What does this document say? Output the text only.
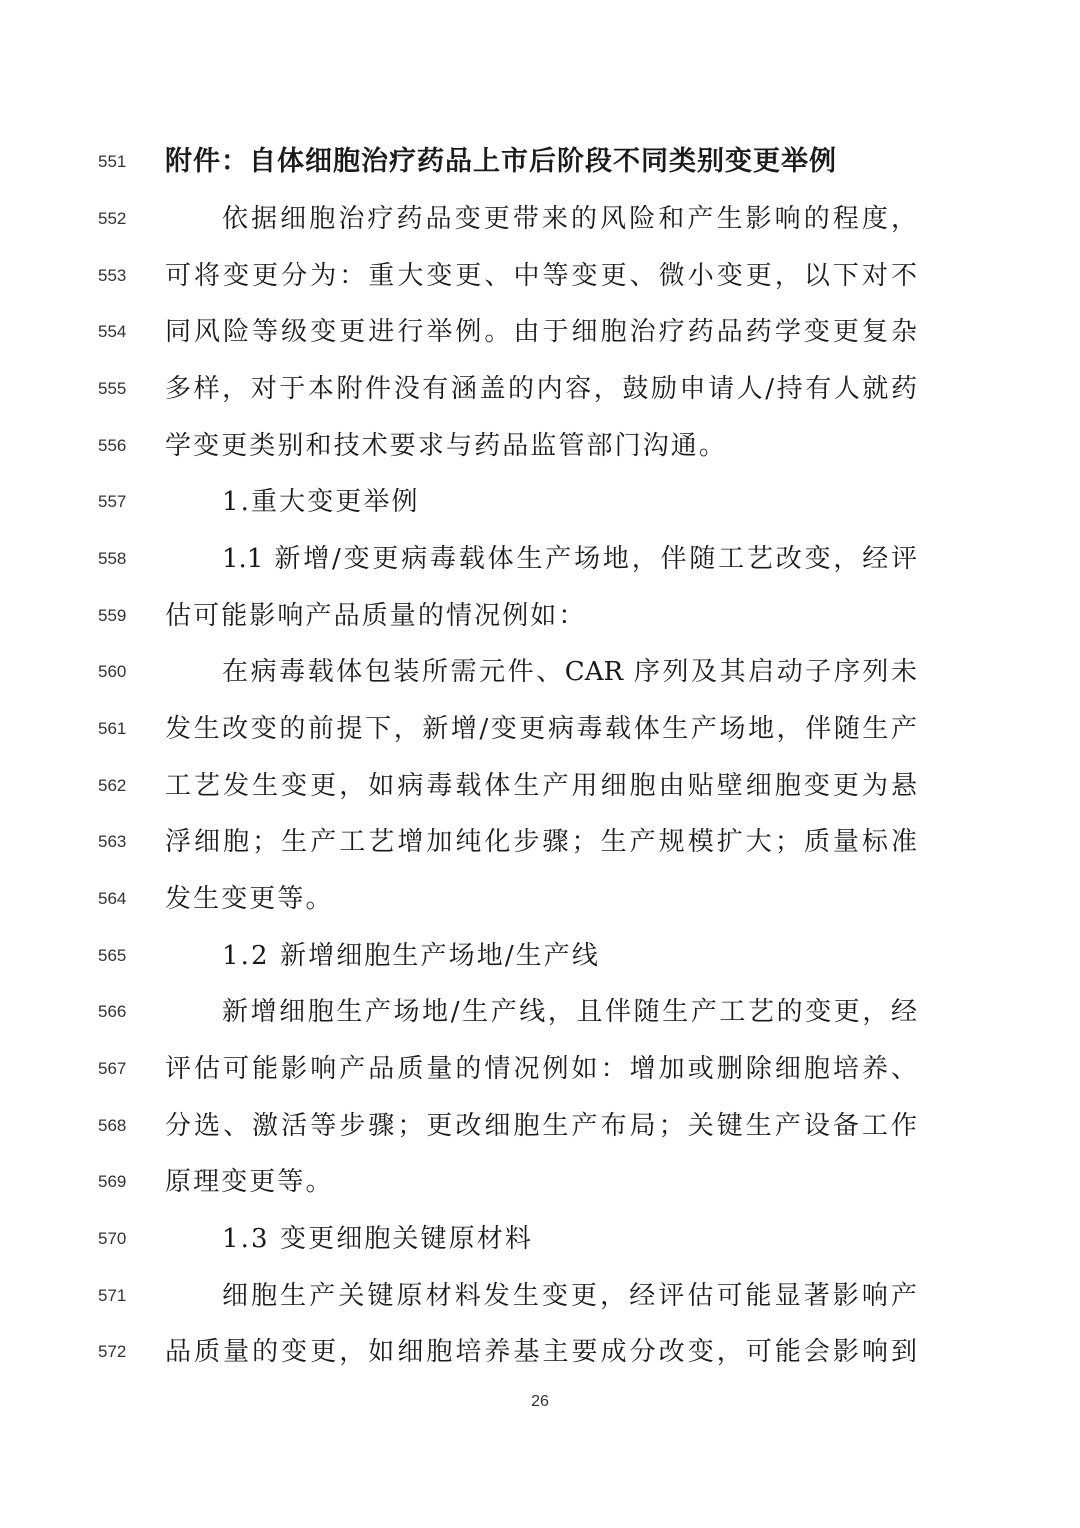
551	附件：自体细胞治疗药品上市后阶段不同类别变更举例
552	依据细胞治疗药品变更带来的风险和产生影响的程度，
553	可将变更分为：重大变更、中等变更、微小变更，以下对不
554	同风险等级变更进行举例。由于细胞治疗药品药学变更复杂
555	多样，对于本附件没有涵盖的内容，鼓励申请人/持有人就药
556	学变更类别和技术要求与药品监管部门沟通。
557	1.重大变更举例
558	1.1 新增/变更病毒载体生产场地，伴随工艺改变，经评
559	估可能影响产品质量的情况例如：
560	在病毒载体包装所需元件、CAR 序列及其启动子序列未
561	发生改变的前提下，新增/变更病毒载体生产场地，伴随生产
562	工艺发生变更，如病毒载体生产用细胞由贴壁细胞变更为悬
563	浮细胞；生产工艺增加纯化步骤；生产规模扩大；质量标准
564	发生变更等。
565	1.2 新增细胞生产场地/生产线
566	新增细胞生产场地/生产线，且伴随生产工艺的变更，经
567	评估可能影响产品质量的情况例如：增加或删除细胞培养、
568	分选、激活等步骤；更改细胞生产布局；关键生产设备工作
569	原理变更等。
570	1.3 变更细胞关键原材料
571	细胞生产关键原材料发生变更，经评估可能显著影响产
572	品质量的变更，如细胞培养基主要成分改变，可能会影响到
26
